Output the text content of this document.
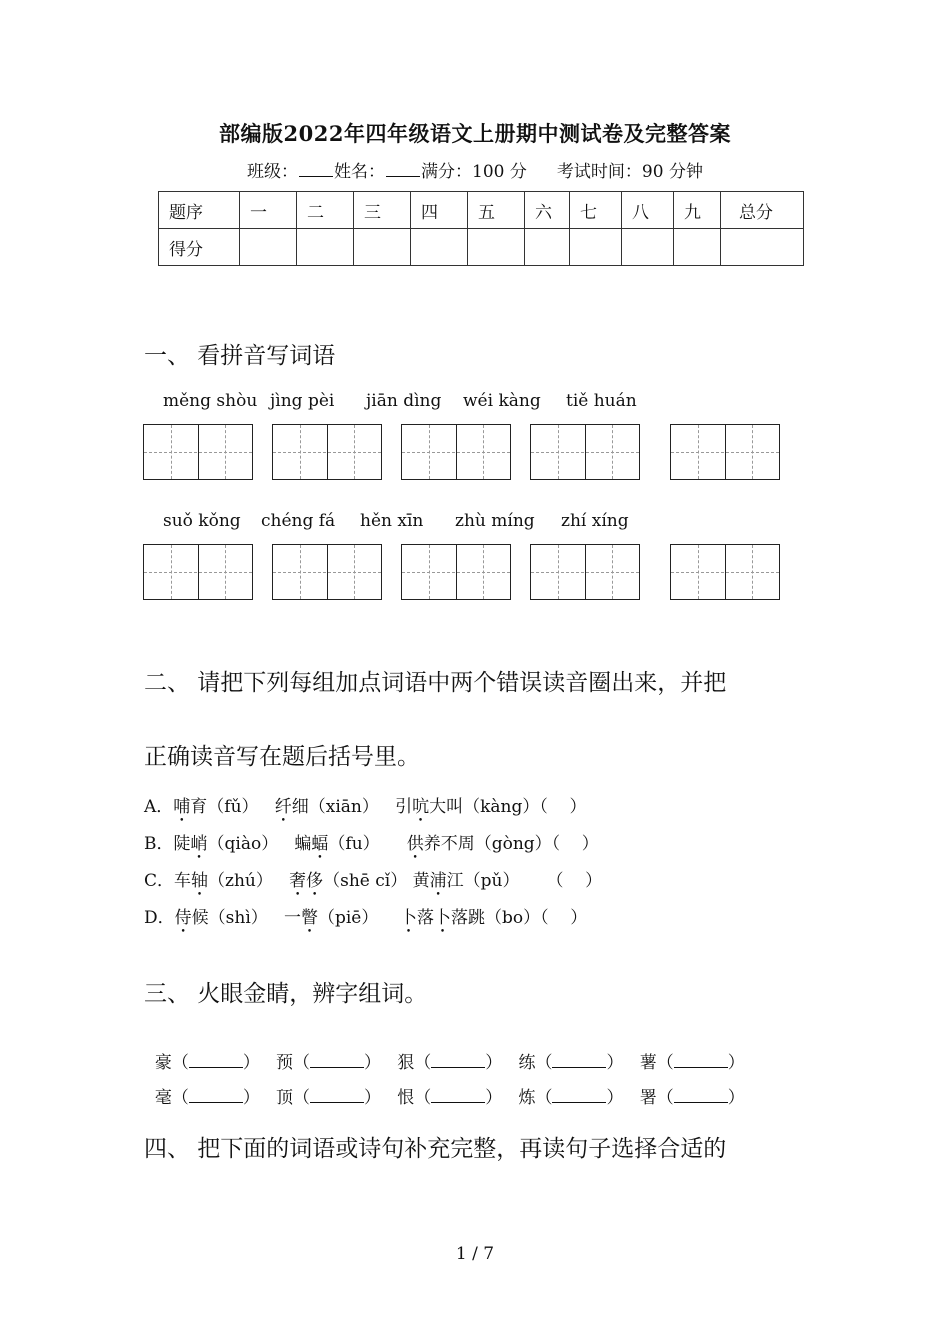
部编版2022年四年级语文上册期中测试卷及完整答案
班级： 姓名： 满分：100 分 考试时间：90 分钟
题序	一	二	三	四	五	六	七	八	九	总分
得分										
一、 看拼音写词语
měng shòu jìng pèi jiān dìng wéi kàng tiě huán
suǒ kǒng chéng fá hěn xīn zhù míng zhí xíng
二、 请把下列每组加点词语中两个错误读音圈出来，并把
正确读音写在题后括号里。
A．哺育（fǔ） 纤细（xiān） 引吭大叫（kàng）（    ）
B．陡峭（qiào） 蝙蝠（fu） 供养不周（gòng）（    ）
C．车轴（zhú） 奢侈（shē cǐ） 黄浦江（pǔ） （    ）
D．侍候（shì） 一瞥（piē） 卜落卜落跳（bo）（    ）
三、 火眼金睛，辨字组词。

豪（	）   预（	）   狠（	）   练（	）   薯（	）

毫（	）   顶（	）   恨（	）   炼（	）   署（	）

四、 把下面的词语或诗句补充完整，再读句子选择合适的
1 / 7
